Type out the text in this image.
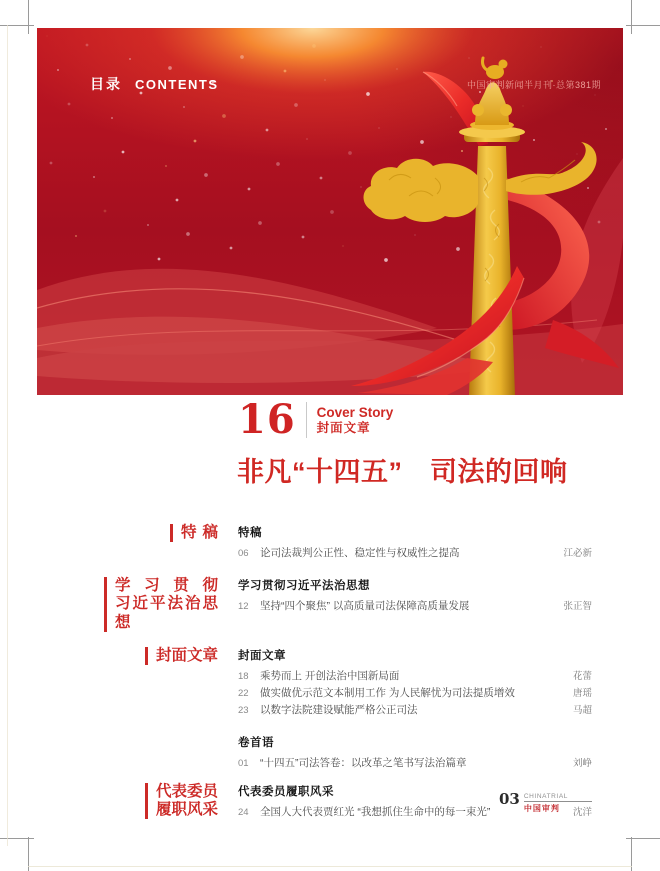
目录 CONTENTS	中国审判新闻半月刊·总第381期
16 Cover Story
封面文章
非凡“十四五”　司法的回响
特稿 特稿
06	论司法裁判公正性、稳定性与权威性之提高	江必新
学习贯彻
习近平法治思想
学习贯彻习近平法治思想
12	坚持“四个聚焦” 以高质量司法保障高质量发展	张正智
封面文章 封面文章
18	乘势而上 开创法治中国新局面	花蕾
22	做实做优示范文本制用工作 为人民解忧为司法提质增效	唐瑶
23	以数字法院建设赋能严格公正司法	马超
卷首语
01	“十四五”司法答卷：以改革之笔书写法治篇章	刘峥
代表委员
履职风采
代表委员履职风采
24	全国人大代表贾红光 “我想抓住生命中的每一束光”	沈洋
03 CHINATRIAL
中国审判
